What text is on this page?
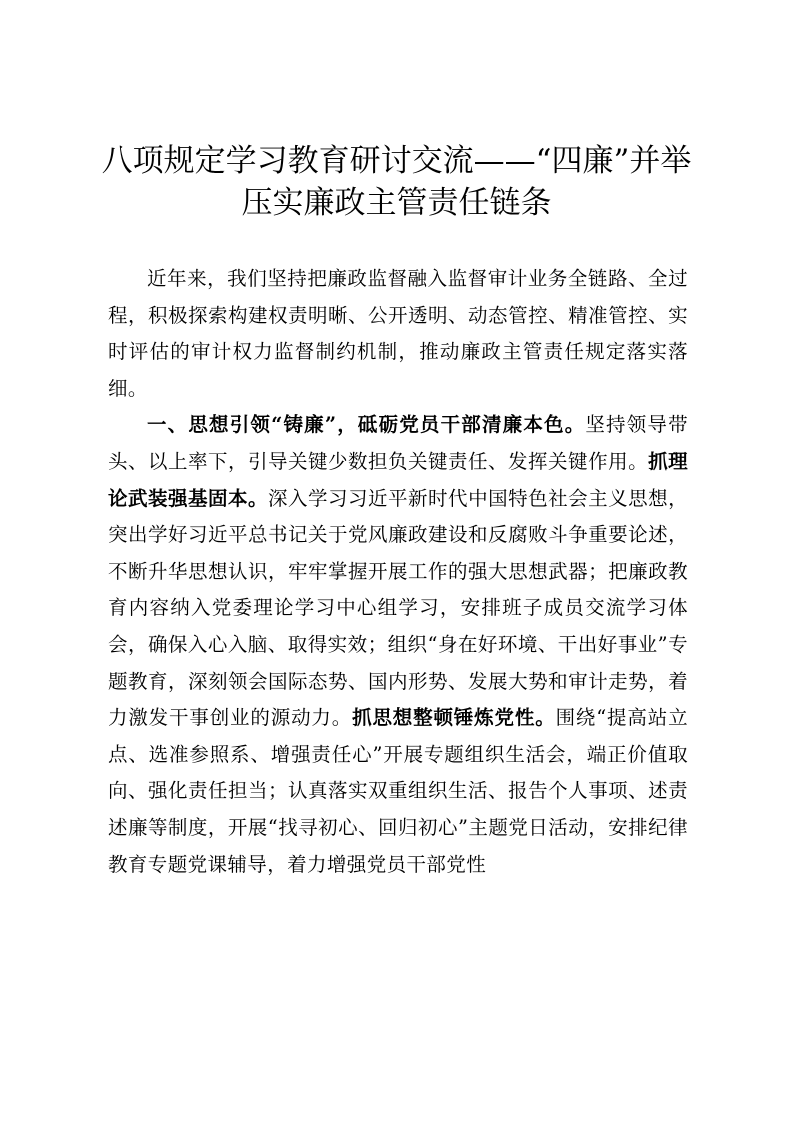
八项规定学习教育研讨交流——“四廉”并举
压实廉政主管责任链条

近年来，我们坚持把廉政监督融入监督审计业务全链路、全过程，积极探索构建权责明晰、公开透明、动态管控、精准管控、实时评估的审计权力监督制约机制，推动廉政主管责任规定落实落细。

一、思想引领“铸廉”，砥砺党员干部清廉本色。坚持领导带头、以上率下，引导关键少数担负关键责任、发挥关键作用。抓理论武装强基固本。深入学习习近平新时代中国特色社会主义思想，突出学好习近平总书记关于党风廉政建设和反腐败斗争重要论述，不断升华思想认识，牢牢掌握开展工作的强大思想武器；把廉政教育内容纳入党委理论学习中心组学习，安排班子成员交流学习体会，确保入心入脑、取得实效；组织“身在好环境、干出好事业”专题教育，深刻领会国际态势、国内形势、发展大势和审计走势，着力激发干事创业的源动力。抓思想整顿锤炼党性。围绕“提高站立点、选准参照系、增强责任心”开展专题组织生活会，端正价值取向、强化责任担当；认真落实双重组织生活、报告个人事项、述责述廉等制度，开展“找寻初心、回归初心”主题党日活动，安排纪律教育专题党课辅导，着力增强党员干部党性
